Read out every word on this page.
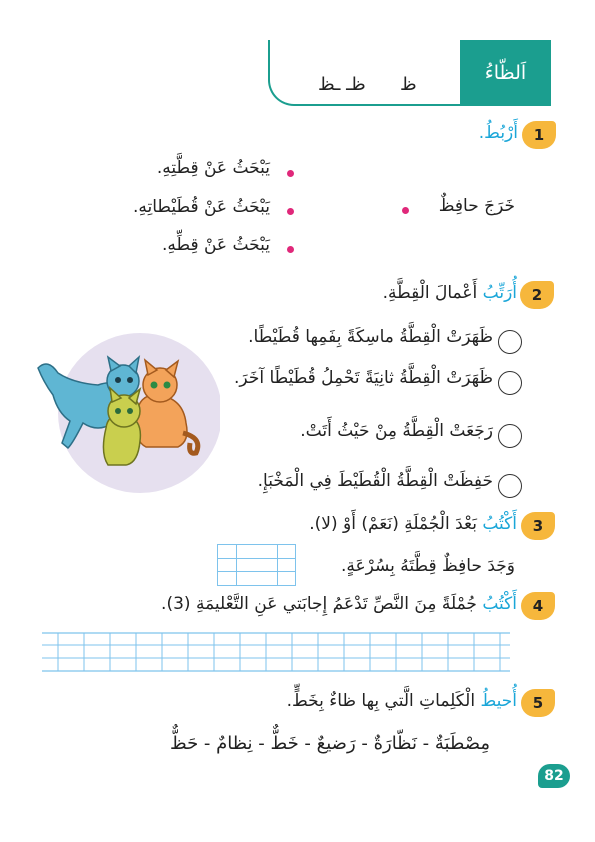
اَلظّاءُ
ظ
ظـ ـظ
1
أَرْبُطُ.
يَبْحَثُ عَنْ قِطَّتِهِ.
يَبْحَثُ عَنْ قُطَيْطاتِهِ.
يَبْحَثُ عَنْ قِطِّهِ.
خَرَجَ حافِظٌ
2
أُرَتِّبُ أَعْمالَ الْقِطَّةِ.
ظَهَرَتْ الْقِطَّةُ ماسِكَةً بِفَمِها قُطَيْطًا.
ظَهَرَتْ الْقِطَّةُ ثانِيَةً تَحْمِلُ قُطَيْطًا آخَرَ.
رَجَعَتْ الْقِطَّةُ مِنْ حَيْثُ أَتَتْ.
حَفِظَتْ الْقِطَّةُ الْقُطَيْطَ فِي الْمَخْبَإِ.
3
أَكْتُبُ بَعْدَ الْجُمْلَةِ (نَعَمْ) أَوْ (لا).
وَجَدَ حافِظٌ قِطَّتَهُ بِسُرْعَةٍ.
4
أَكْتُبُ جُمْلَةً مِنَ النَّصِّ تَدْعَمُ إِجابَتي عَنِ التَّعْليمَةِ (3).
5
أُحيطُ الْكَلِماتِ الَّتي بِها ظاءٌ بِخَطٍّ.
مِصْطَبَةٌ - نَظّارَةٌ - رَضيعٌ - خَطٌّ - نِظامٌ - حَظٌّ
82
